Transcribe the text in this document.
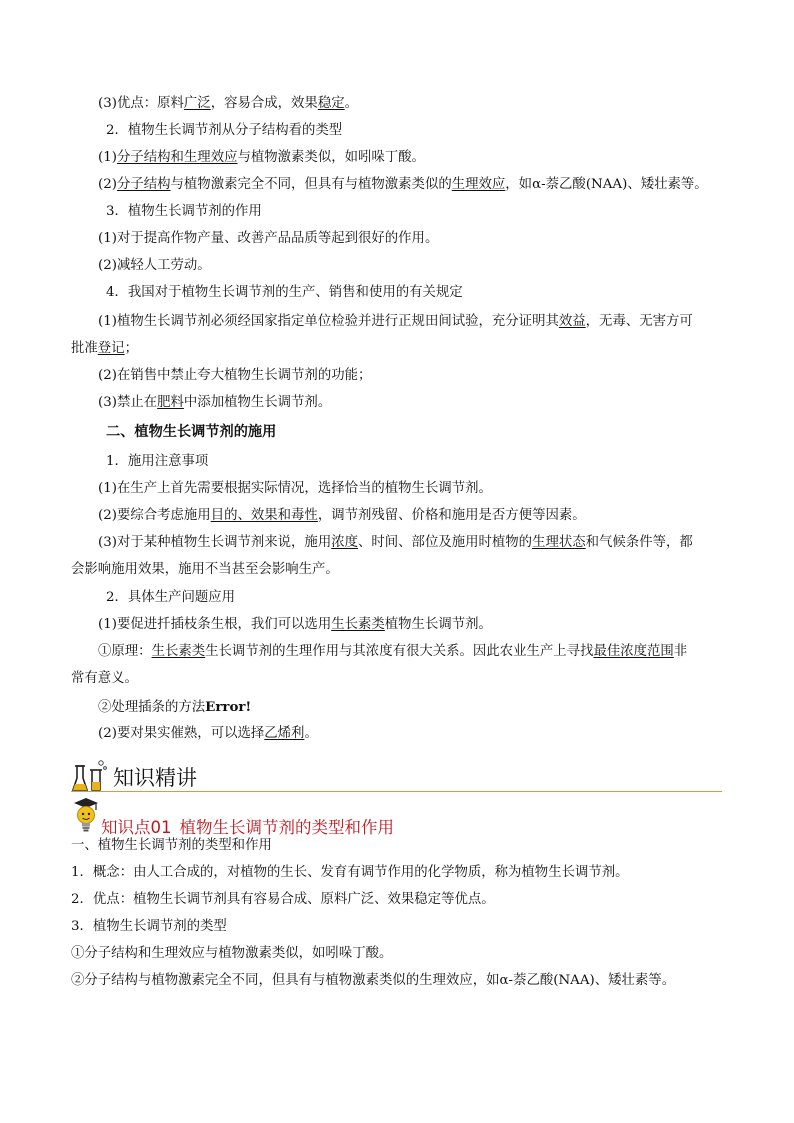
(3)优点：原料广泛，容易合成，效果稳定。
2．植物生长调节剂从分子结构看的类型
(1)分子结构和生理效应与植物激素类似，如吲哚丁酸。
(2)分子结构与植物激素完全不同，但具有与植物激素类似的生理效应，如α-萘乙酸(NAA)、矮壮素等。
3．植物生长调节剂的作用
(1)对于提高作物产量、改善产品品质等起到很好的作用。
(2)减轻人工劳动。
4．我国对于植物生长调节剂的生产、销售和使用的有关规定
(1)植物生长调节剂必须经国家指定单位检验并进行正规田间试验，充分证明其效益，无毒、无害方可
批准登记；
(2)在销售中禁止夸大植物生长调节剂的功能；
(3)禁止在肥料中添加植物生长调节剂。
二、植物生长调节剂的施用
1．施用注意事项
(1)在生产上首先需要根据实际情况，选择恰当的植物生长调节剂。
(2)要综合考虑施用目的、效果和毒性，调节剂残留、价格和施用是否方便等因素。
(3)对于某种植物生长调节剂来说，施用浓度、时间、部位及施用时植物的生理状态和气候条件等，都
会影响施用效果，施用不当甚至会影响生产。
2．具体生产问题应用
(1)要促进扦插枝条生根，我们可以选用生长素类植物生长调节剂。
①原理：生长素类生长调节剂的生理作用与其浓度有很大关系。因此农业生产上寻找最佳浓度范围非
常有意义。
②处理插条的方法Error!
(2)要对果实催熟，可以选择乙烯利。
知识精讲
知识点01 植物生长调节剂的类型和作用
一、植物生长调节剂的类型和作用
1．概念：由人工合成的，对植物的生长、发育有调节作用的化学物质，称为植物生长调节剂。
2．优点：植物生长调节剂具有容易合成、原料广泛、效果稳定等优点。
3．植物生长调节剂的类型
①分子结构和生理效应与植物激素类似，如吲哚丁酸。
②分子结构与植物激素完全不同，但具有与植物激素类似的生理效应，如α-萘乙酸(NAA)、矮壮素等。
